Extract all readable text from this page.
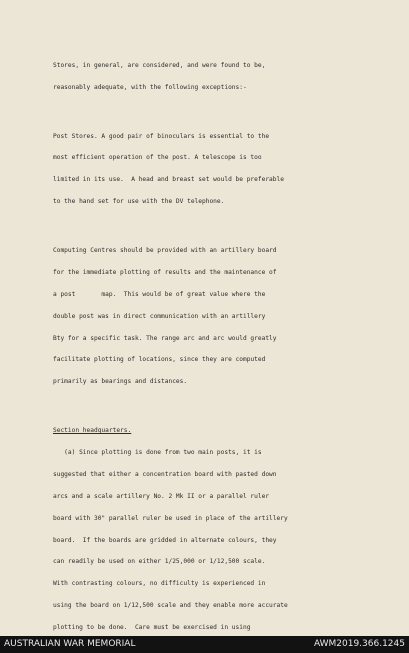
Stores, in general, are considered, and were found to be,

reasonably adequate, with the following exceptions:-

Post Stores. A good pair of binoculars is essential to the

most efficient operation of the post. A telescope is too

limited in its use.  A head and breast set would be preferable

to the hand set for use with the DV telephone.

Computing Centres should be provided with an artillery board

for the immediate plotting of results and the maintenance of

a post       map.  This would be of great value where the

double post was in direct communication with an artillery

Bty for a specific task. The range arc and arc would greatly

facilitate plotting of locations, since they are computed

primarily as bearings and distances.

Section headquarters.

(a) Since plotting is done from two main posts, it is

suggested that either a concentration board with pasted down

arcs and a scale artillery No. 2 Mk II or a parallel ruler

board with 30" parallel ruler be used in place of the artillery

board.  If the boards are gridded in alternate colours, they

can readily be used on either 1/25,000 or 1/12,500 scale.

With contrasting colours, no difficulty is experienced in

using the board on 1/12,500 scale and they enable more accurate

plotting to be done.  Care must be exercised in using

AUSTRALIAN WAR MEMORIAL	AWM2019.366.1245
